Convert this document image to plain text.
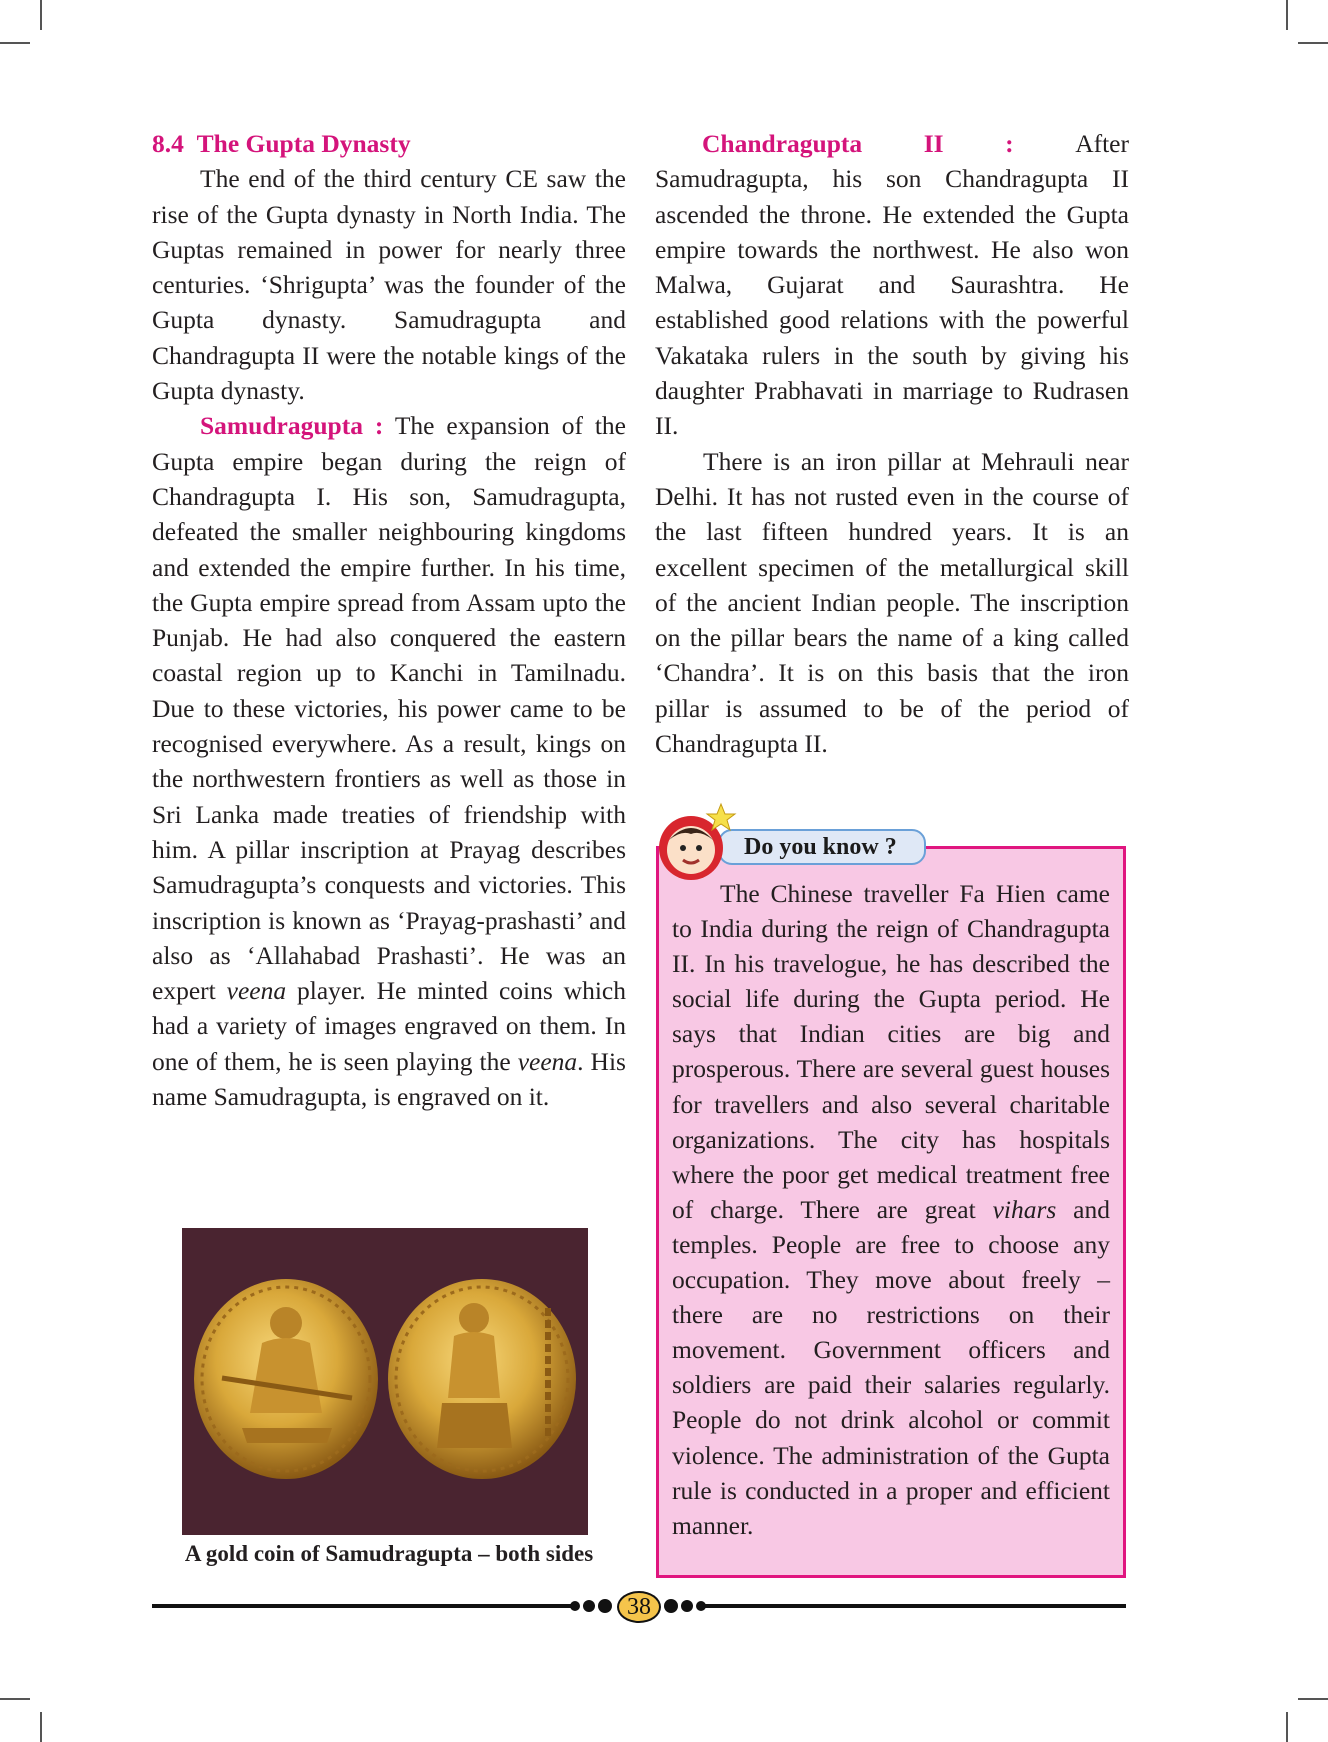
8.4 The Gupta Dynasty

The end of the third century CE saw the rise of the Gupta dynasty in North India. The Guptas remained in power for nearly three centuries. ‘Shrigupta’ was the founder of the Gupta dynasty. Samudragupta and Chandragupta II were the notable kings of the Gupta dynasty.

Samudragupta : The expansion of the Gupta empire began during the reign of Chandragupta I. His son, Samudragupta, defeated the smaller neighbouring kingdoms and extended the empire further. In his time, the Gupta empire spread from Assam upto the Punjab. He had also conquered the eastern coastal region up to Kanchi in Tamilnadu. Due to these victories, his power came to be recognised everywhere. As a result, kings on the northwestern frontiers as well as those in Sri Lanka made treaties of friendship with him. A pillar inscription at Prayag describes Samudragupta’s conquests and victories. This inscription is known as ‘Prayag-prashasti’ and also as ‘Allahabad Prashasti’. He was an expert veena player. He minted coins which had a variety of images engraved on them. In one of them, he is seen playing the veena. His name Samudragupta, is engraved on it.

A gold coin of Samudragupta – both sides
Chandragupta II : After

Samudragupta, his son Chandragupta II ascended the throne. He extended the Gupta empire towards the northwest. He also won Malwa, Gujarat and Saurashtra. He established good relations with the powerful Vakataka rulers in the south by giving his daughter Prabhavati in marriage to Rudrasen II.

There is an iron pillar at Mehrauli near Delhi. It has not rusted even in the course of the last fifteen hundred years. It is an excellent specimen of the metallurgical skill of the ancient Indian people. The inscription on the pillar bears the name of a king called ‘Chandra’. It is on this basis that the iron pillar is assumed to be of the period of Chandragupta II.

Do you know ?

The Chinese traveller Fa Hien came to India during the reign of Chandragupta II. In his travelogue, he has described the social life during the Gupta period. He says that Indian cities are big and prosperous. There are several guest houses for travellers and also several charitable organizations. The city has hospitals where the poor get medical treatment free of charge. There are great vihars and temples. People are free to choose any occupation. They move about freely – there are no restrictions on their movement. Government officers and soldiers are paid their salaries regularly. People do not drink alcohol or commit violence. The administration of the Gupta rule is conducted in a proper and efficient manner.

38
